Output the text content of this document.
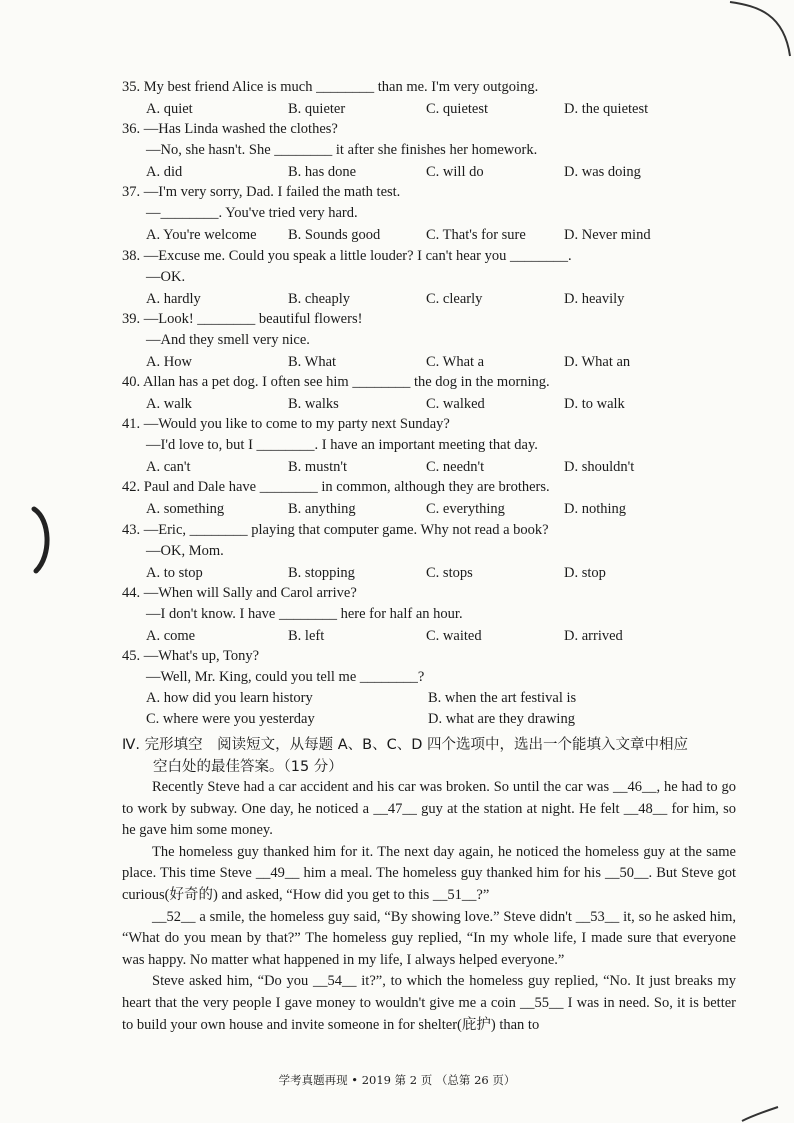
35. My best friend Alice is much ________ than me. I'm very outgoing.
A. quiet	B. quieter	C. quietest	D. the quietest
36. —Has Linda washed the clothes?
—No, she hasn't. She ________ it after she finishes her homework.
A. did	B. has done	C. will do	D. was doing
37. —I'm very sorry, Dad. I failed the math test.
—________. You've tried very hard.
A. You're welcome B. Sounds good	C. That's for sure	D. Never mind
38. —Excuse me. Could you speak a little louder? I can't hear you ________.
—OK.
A. hardly	B. cheaply	C. clearly	D. heavily
39. —Look! ________ beautiful flowers!
—And they smell very nice.
A. How	B. What	C. What a	D. What an
40. Allan has a pet dog. I often see him ________ the dog in the morning.
A. walk	B. walks	C. walked	D. to walk
41. —Would you like to come to my party next Sunday?
—I'd love to, but I ________. I have an important meeting that day.
A. can't	B. mustn't	C. needn't	D. shouldn't
42. Paul and Dale have ________ in common, although they are brothers.
A. something	B. anything	C. everything	D. nothing
43. —Eric, ________ playing that computer game. Why not read a book?
—OK, Mom.
A. to stop	B. stopping	C. stops	D. stop
44. —When will Sally and Carol arrive?
—I don't know. I have ________ here for half an hour.
A. come	B. left	C. waited	D. arrived
45. —What's up, Tony?
—Well, Mr. King, could you tell me ________?
A. how did you learn history	B. when the art festival is
C. where were you yesterday	D. what are they drawing
Ⅳ. 完形填空　阅读短文，从每题 A、B、C、D 四个选项中，选出一个能填入文章中相应
空白处的最佳答案。（15 分）

Recently Steve had a car accident and his car was broken. So until the car was __46__, he had to go to work by subway. One day, he noticed a __47__ guy at the station at night. He felt __48__ for him, so he gave him some money.

The homeless guy thanked him for it. The next day again, he noticed the homeless guy at the same place. This time Steve __49__ him a meal. The homeless guy thanked him for his __50__. But Steve got curious(好奇的) and asked, “How did you get to this __51__?”

__52__ a smile, the homeless guy said, “By showing love.” Steve didn't __53__ it, so he asked him, “What do you mean by that?” The homeless guy replied, “In my whole life, I made sure that everyone was happy. No matter what happened in my life, I always helped everyone.”

Steve asked him, “Do you __54__ it?”, to which the homeless guy replied, “No. It just breaks my heart that the very people I gave money to wouldn't give me a coin __55__ I was in need. So, it is better to build your own house and invite someone in for shelter(庇护) than to

学考真题再现 • 2019 第 2 页 （总第 26 页）
